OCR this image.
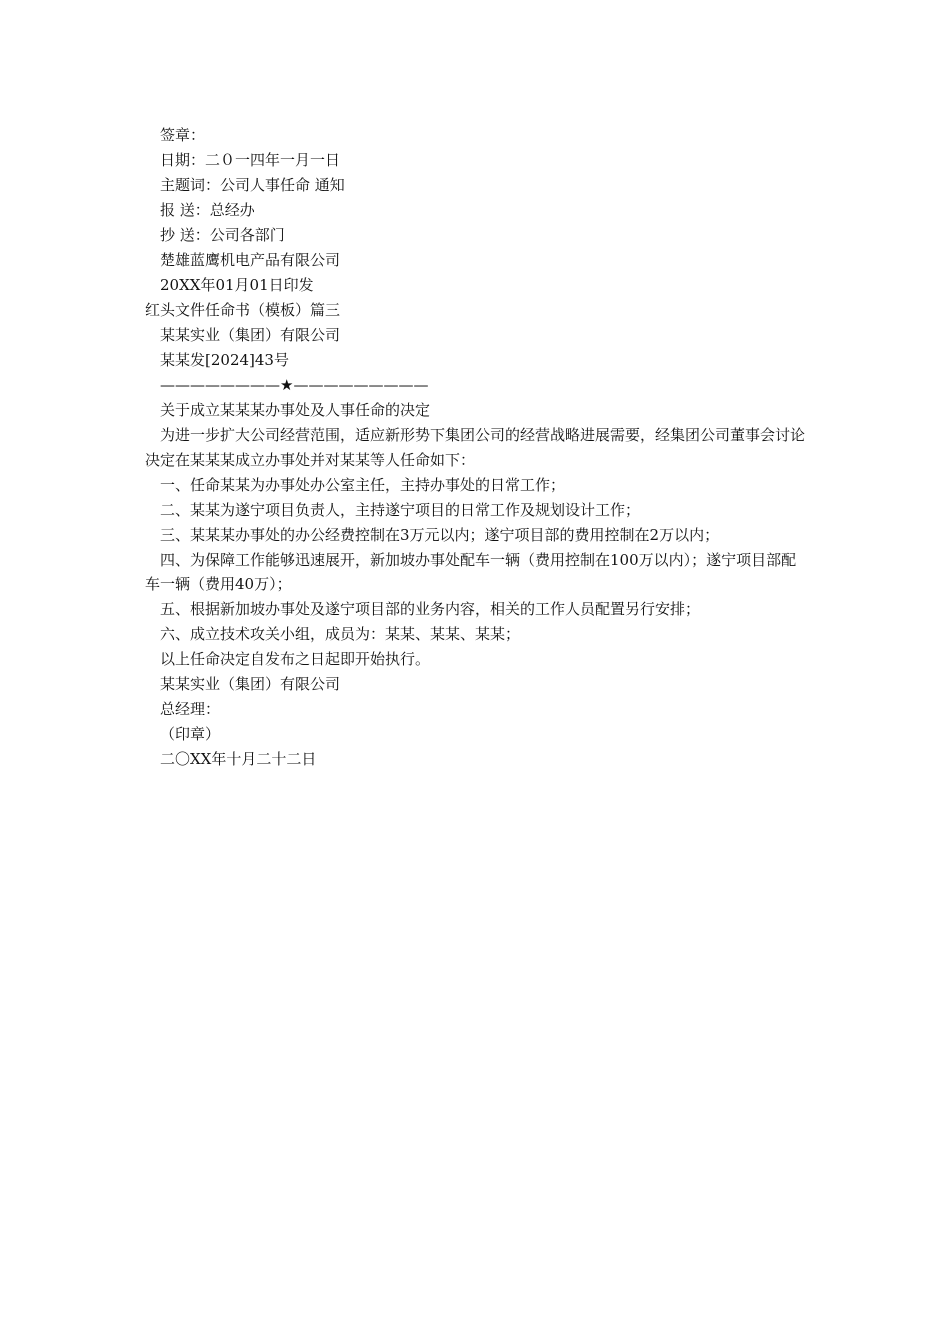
签章：
日期：二０一四年一月一日
主题词：公司人事任命 通知
报 送：总经办
抄 送：公司各部门
楚雄蓝鹰机电产品有限公司
20XX年01月01日印发
红头文件任命书（模板）篇三
某某实业（集团）有限公司
某某发[2024]43号
————————★—————————
关于成立某某某办事处及人事任命的决定
为进一步扩大公司经营范围，适应新形势下集团公司的经营战略进展需要，经集团公司董事会讨论决定在某某某成立办事处并对某某等人任命如下：
一、任命某某为办事处办公室主任，主持办事处的日常工作；
二、某某为遂宁项目负责人，主持遂宁项目的日常工作及规划设计工作；
三、某某某办事处的办公经费控制在3万元以内；遂宁项目部的费用控制在2万以内；
四、为保障工作能够迅速展开，新加坡办事处配车一辆（费用控制在100万以内）；遂宁项目部配车一辆（费用40万）；
五、根据新加坡办事处及遂宁项目部的业务内容，相关的工作人员配置另行安排；
六、成立技术攻关小组，成员为：某某、某某、某某；
以上任命决定自发布之日起即开始执行。
某某实业（集团）有限公司
总经理：
（印章）
二〇XX年十月二十二日
